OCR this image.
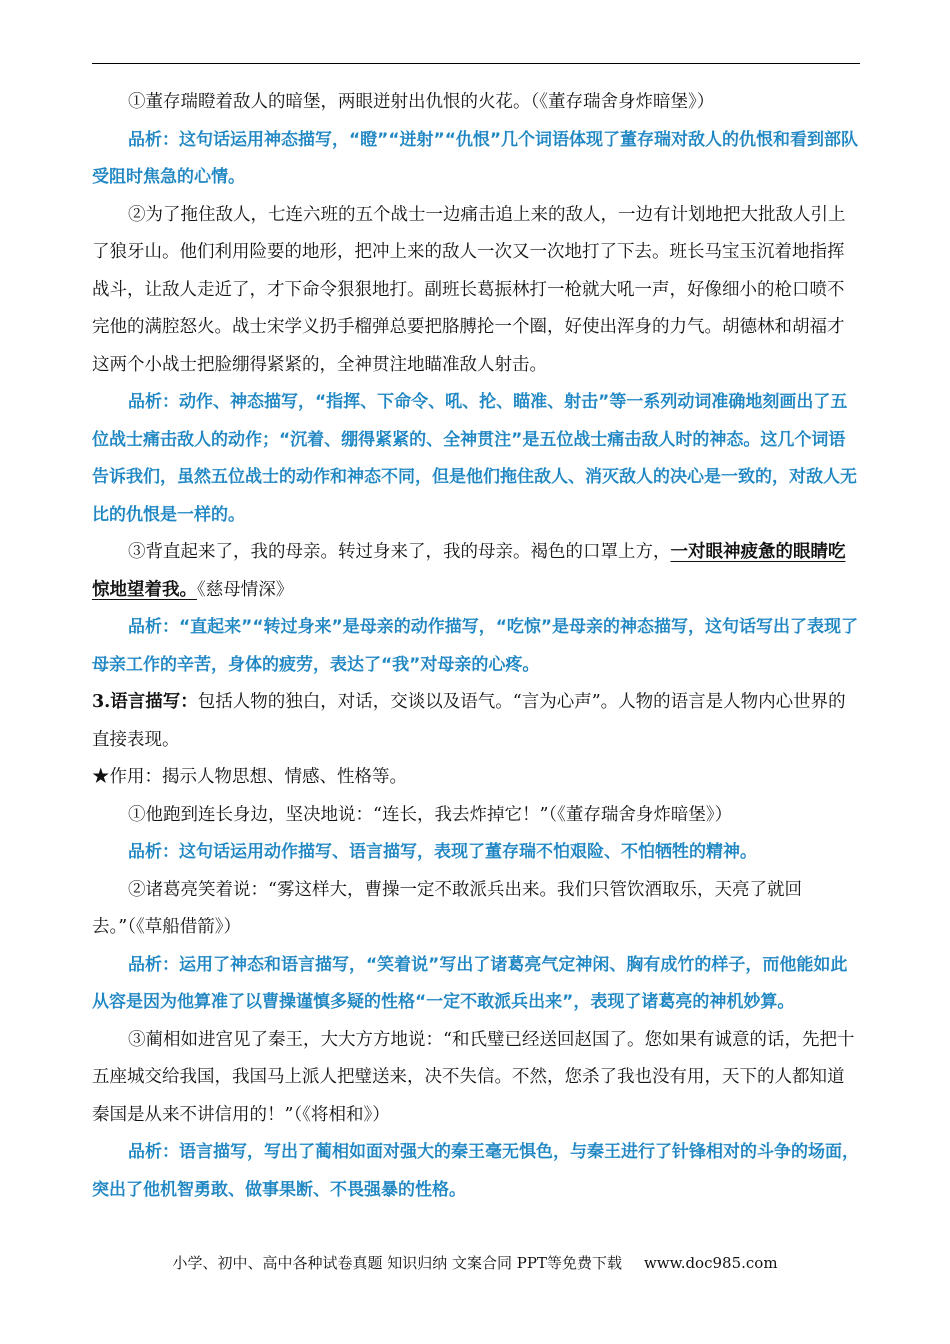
①董存瑞瞪着敌人的暗堡，两眼迸射出仇恨的火花。（《董存瑞舍身炸暗堡》）

品析：这句话运用神态描写，“瞪”“迸射”“仇恨”几个词语体现了董存瑞对敌人的仇恨和看到部队受阻时焦急的心情。

②为了拖住敌人，七连六班的五个战士一边痛击追上来的敌人，一边有计划地把大批敌人引上了狼牙山。他们利用险要的地形，把冲上来的敌人一次又一次地打了下去。班长马宝玉沉着地指挥战斗，让敌人走近了，才下命令狠狠地打。副班长葛振林打一枪就大吼一声，好像细小的枪口喷不完他的满腔怒火。战士宋学义扔手榴弹总要把胳膊抡一个圈，好使出浑身的力气。胡德林和胡福才这两个小战士把脸绷得紧紧的，全神贯注地瞄准敌人射击。

品析：动作、神态描写，“指挥、下命令、吼、抡、瞄准、射击”等一系列动词准确地刻画出了五位战士痛击敌人的动作；“沉着、绷得紧紧的、全神贯注”是五位战士痛击敌人时的神态。这几个词语告诉我们，虽然五位战士的动作和神态不同，但是他们拖住敌人、消灭敌人的决心是一致的，对敌人无比的仇恨是一样的。

③背直起来了，我的母亲。转过身来了，我的母亲。褐色的口罩上方，一对眼神疲惫的眼睛吃惊地望着我。《慈母情深》

品析：“直起来”“转过身来”是母亲的动作描写，“吃惊”是母亲的神态描写，这句话写出了表现了母亲工作的辛苦，身体的疲劳，表达了“我”对母亲的心疼。

3.语言描写：包括人物的独白，对话，交谈以及语气。“言为心声”。人物的语言是人物内心世界的直接表现。

★作用：揭示人物思想、情感、性格等。

①他跑到连长身边，坚决地说：“连长，我去炸掉它！”（《董存瑞舍身炸暗堡》）

品析：这句话运用动作描写、语言描写，表现了董存瑞不怕艰险、不怕牺牲的精神。

②诸葛亮笑着说：“雾这样大，曹操一定不敢派兵出来。我们只管饮酒取乐，天亮了就回去。”（《草船借箭》）

品析：运用了神态和语言描写，“笑着说”写出了诸葛亮气定神闲、胸有成竹的样子，而他能如此从容是因为他算准了以曹操谨慎多疑的性格“一定不敢派兵出来”，表现了诸葛亮的神机妙算。

③蔺相如进宫见了秦王，大大方方地说：“和氏璧已经送回赵国了。您如果有诚意的话，先把十五座城交给我国，我国马上派人把璧送来，决不失信。不然，您杀了我也没有用，天下的人都知道秦国是从来不讲信用的！”（《将相和》）

品析：语言描写，写出了蔺相如面对强大的秦王毫无惧色，与秦王进行了针锋相对的斗争的场面，突出了他机智勇敢、做事果断、不畏强暴的性格。

小学、初中、高中各种试卷真题 知识归纳 文案合同 PPT等免费下载 www.doc985.com
